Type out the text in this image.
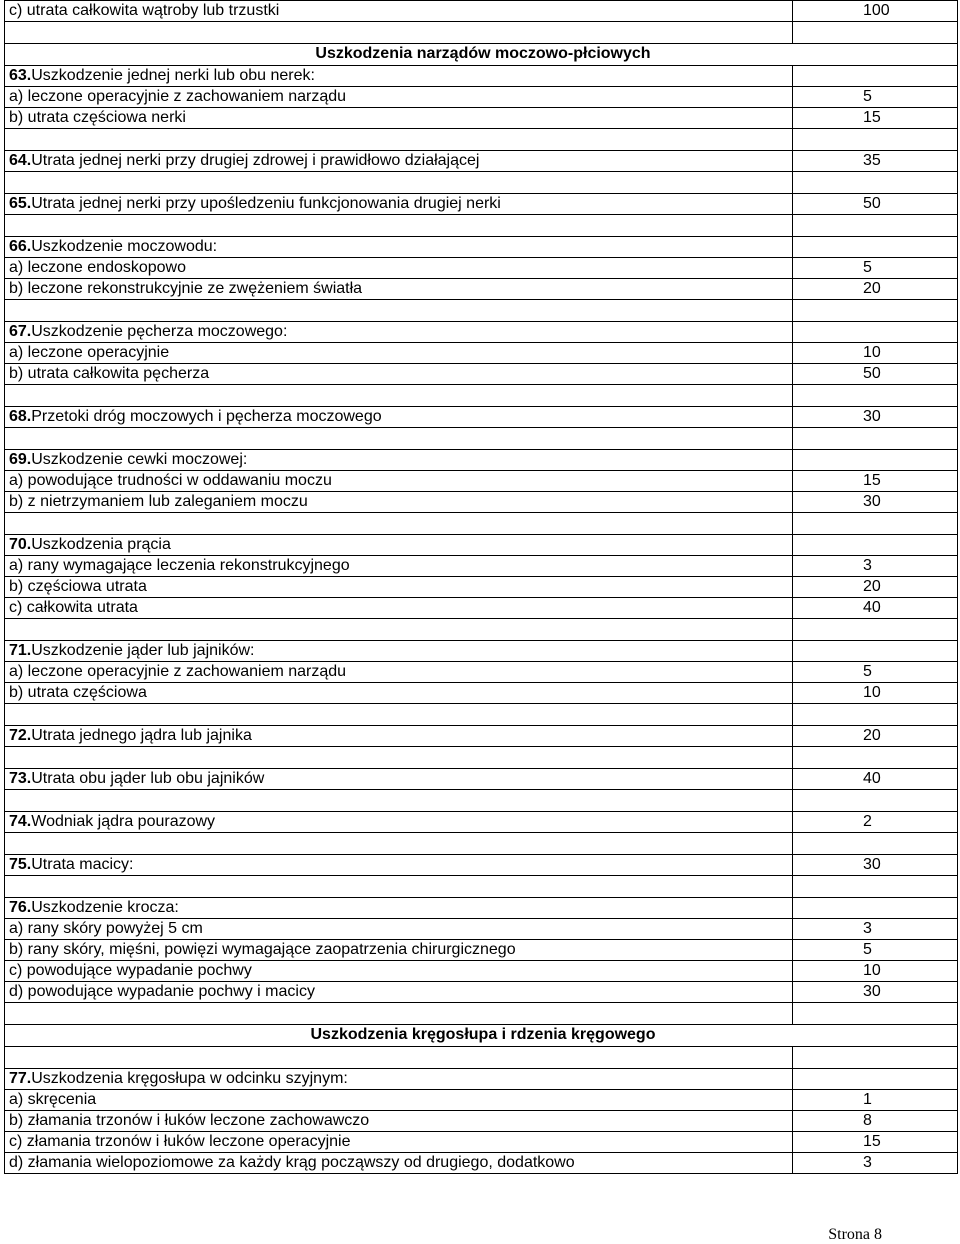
c) utrata całkowita wątroby lub trzustki	100

Uszkodzenia narządów moczowo-płciowych	
63.Uszkodzenie jednej nerki lub obu nerek:	
a) leczone operacyjnie z zachowaniem narządu	5
b) utrata częściowa nerki	15

64.Utrata jednej nerki przy drugiej zdrowej i prawidłowo działającej	35

65.Utrata jednej nerki przy upośledzeniu funkcjonowania drugiej nerki	50

66.Uszkodzenie moczowodu:	
a) leczone endoskopowo	5
b) leczone rekonstrukcyjnie ze zwężeniem światła	20

67.Uszkodzenie pęcherza moczowego:	
a) leczone operacyjnie	10
b) utrata całkowita pęcherza	50

68.Przetoki dróg moczowych i pęcherza moczowego	30

69.Uszkodzenie cewki moczowej:	
a) powodujące trudności w oddawaniu moczu	15
b) z nietrzymaniem lub zaleganiem moczu	30

70.Uszkodzenia prącia	
a) rany wymagające leczenia rekonstrukcyjnego	3
b) częściowa utrata	20
c) całkowita utrata	40

71.Uszkodzenie jąder lub jajników:	
a) leczone operacyjnie z zachowaniem narządu	5
b) utrata częściowa	10

72.Utrata jednego jądra lub jajnika	20

73.Utrata obu jąder lub obu jajników	40

74.Wodniak jądra pourazowy	2

75.Utrata macicy:	30

76.Uszkodzenie krocza:	
a) rany skóry powyżej 5 cm	3
b) rany skóry, mięśni, powięzi wymagające zaopatrzenia chirurgicznego	5
c) powodujące wypadanie pochwy	10
d) powodujące wypadanie pochwy i macicy	30

Uszkodzenia kręgosłupa i rdzenia kręgowego	

77.Uszkodzenia kręgosłupa w odcinku szyjnym:	
a) skręcenia	1
b) złamania trzonów i łuków leczone zachowawczo	8
c) złamania trzonów i łuków leczone operacyjnie	15
d) złamania wielopoziomowe za każdy krąg począwszy od drugiego, dodatkowo	3
Strona 8
